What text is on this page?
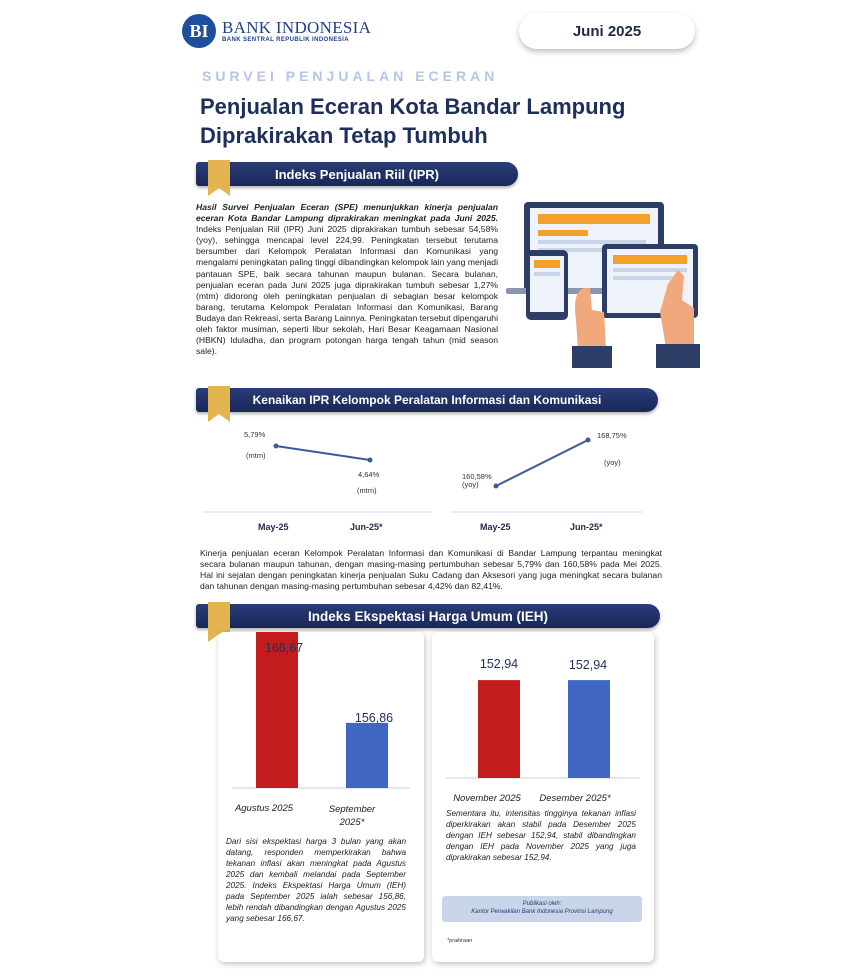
BI BANK INDONESIA
BANK SENTRAL REPUBLIK INDONESIA
Juni 2025
SURVEI PENJUALAN ECERAN
Penjualan Eceran Kota Bandar Lampung
Diprakirakan Tetap Tumbuh
Indeks Penjualan Riil (IPR)
Hasil Survei Penjualan Eceran (SPE) menunjukkan kinerja penjualan eceran Kota Bandar Lampung diprakirakan meningkat pada Juni 2025. Indeks Penjualan Riil (IPR) Juni 2025 diprakirakan tumbuh sebesar 54,58% (yoy), sehingga mencapai level 224,99. Peningkatan tersebut terutama bersumber dari Kelompok Peralatan Informasi dan Komunikasi yang mengalami peningkatan paling tinggi dibandingkan kelompok lain yang menjadi pantauan SPE, baik secara tahunan maupun bulanan. Secara bulanan, penjualan eceran pada Juni 2025 juga diprakirakan tumbuh sebesar 1,27% (mtm) didorong oleh peningkatan penjualan di sebagian besar kelompok barang, terutama Kelompok Peralatan Informasi dan Komunikasi, Barang Budaya dan Rekreasi, serta Barang Lainnya. Peningkatan tersebut dipengaruhi oleh faktor musiman, seperti libur sekolah, Hari Besar Keagamaan Nasional (HBKN) Iduladha, dan program potongan harga tengah tahun (mid season sale).
Kenaikan IPR Kelompok Peralatan Informasi dan Komunikasi
5,79%
(mtm)
4,64%
(mtm)
May-25	Jun-25*
168,75%
(yoy)
160,58%
(yoy)
May-25	Jun-25*
Kinerja penjualan eceran Kelompok Peralatan Informasi dan Komunikasi di Bandar Lampung terpantau meningkat secara bulanan maupun tahunan, dengan masing-masing pertumbuhan sebesar 5,79% dan 160,58% pada Mei 2025. Hal ini sejalan dengan peningkatan kinerja penjualan Suku Cadang dan Aksesori yang juga meningkat secara bulanan dan tahunan dengan masing-masing pertumbuhan sebesar 4,42% dan 82,41%.
Indeks Ekspektasi Harga Umum (IEH)
166,67
156,86
Agustus 2025	September 2025*
Dari sisi ekspektasi harga 3 bulan yang akan datang, responden memperkirakan bahwa tekanan inflasi akan meningkat pada Agustus 2025 dan kembali melandai pada September 2025. Indeks Ekspektasi Harga Umum (IEH) pada September 2025 ialah sebesar 156,86, lebih rendah dibandingkan dengan Agustus 2025 yang sebesar 166,67.
152,94	152,94
November 2025	Desember 2025*
Sementara itu, intensitas tingginya tekanan inflasi diperkirakan akan stabil pada Desember 2025 dengan IEH sebesar 152,94, stabil dibandingkan dengan IEH pada November 2025 yang juga diprakirakan sebesar 152,94.
Publikasi oleh:
Kantor Perwakilan Bank Indonesia Provinsi Lampung
*prakiraan
